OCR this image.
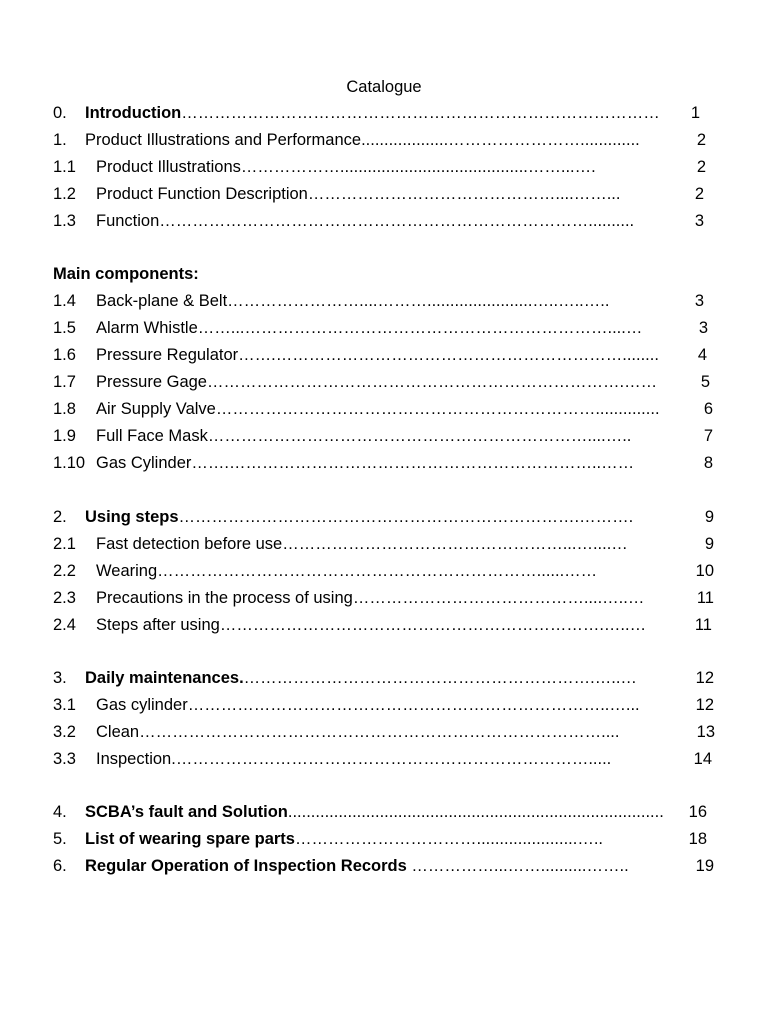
Catalogue
0. Introduction……………………………………………………………………………	1
1. Product Illustrations and Performance...................…………………….............	2
1.1 Product Illustrations……………….........................................……...….	2
1.2 Product Function Description………………………………………....……...	2
1.3 Function……………………………………………………………………..........	3
Main components:
1.4 Back-plane & Belt……………………....……….......................…..…..…..	3
1.5 Alarm Whistle……...…………………………………………………………....…	3
1.6 Pressure Regulator…….………………………………………………………........	4
1.7 Pressure Gage………………………………………………………………….……	5
1.8 Air Supply Valve……………………………………………………………..............	6
1.9 Full Face Mask……………………………………………………………....…..	7
1.10 Gas Cylinder…….…………………………………………………………..……	8
2. Using steps……………………………………………………………….……….	9
2.1 Fast detection before use……………………………………………...…....…	9
2.2 Wearing……………………………………………………………......……	10
2.3 Precautions in the process of using……………………………………....…..…	11
2.4 Steps after using…………………………………………………………….…..…	11
3. Daily maintenances.……………………………………………………….…..…	12
3.1 Gas cylinder…………………………………………………………………..…...	12
3.2 Clean…………………………………………………………………………....	13
3.3 Inspection.………………………………………………………………….....	14
4. SCBA’s fault and Solution..................................................................................	16
5. List of wearing spare parts……………………………......................…..	18
6. Regular Operation of Inspection Records ……………...……..........……..	19
